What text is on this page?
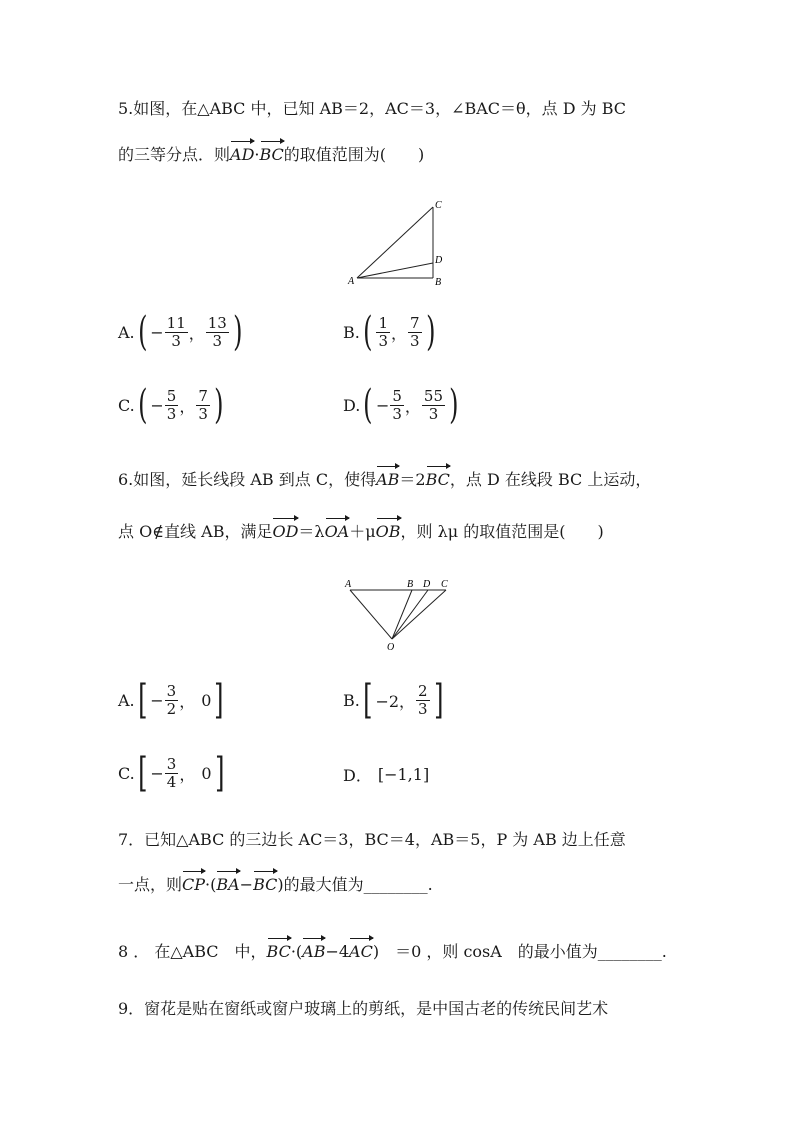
5.如图，在△ABC 中，已知 AB＝2，AC＝3，∠BAC＝θ，点 D 为 BC
的三等分点．则AD·BC的取值范围为(　　)
A	B
C
D
A. ( − $\frac{11}{3}$ ， $\frac{13}{3}$ )	B. ( $\frac{1}{3}$ ， $\frac{7}{3}$ )
C. ( − $\frac{5}{3}$ ， $\frac{7}{3}$ )	D. ( − $\frac{5}{3}$ ， $\frac{55}{3}$ )
6.如图，延长线段 AB 到点 C，使得AB＝2BC，点 D 在线段 BC 上运动，
点 O∉直线 AB，满足OD＝λOA＋μOB，则 λμ 的取值范围是(　　)
A	B D C
O
A. [ − $\frac{3}{2}$ ， 0 ]	B. [ −2， $\frac{2}{3}$ ]
C. [ − $\frac{3}{4}$ ， 0 ]	D． [−1,1]
7．已知△ABC 的三边长 AC＝3，BC＝4，AB＝5，P 为 AB 边上任意
一点，则CP·(BA−BC)的最大值为________.
8 ． 在△ABC　中，BC·(AB−4AC)　＝0 ，则 cosA　的最小值为________.
9．窗花是贴在窗纸或窗户玻璃上的剪纸，是中国古老的传统民间艺术
